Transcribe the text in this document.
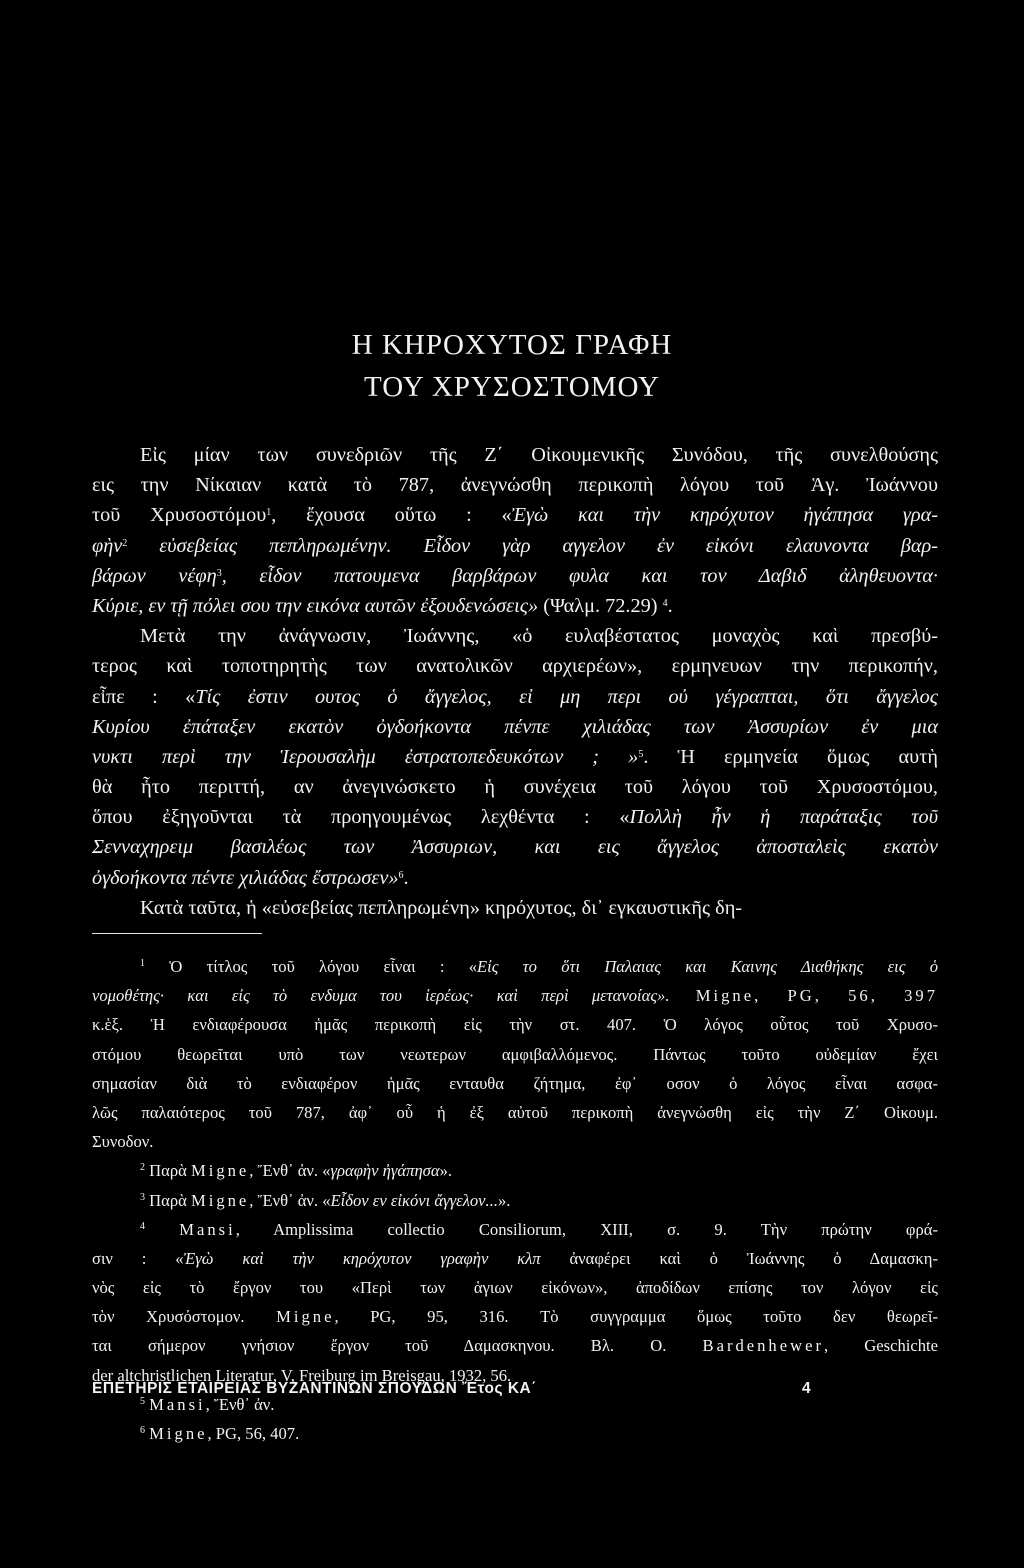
Η ΚΗΡΟΧΥΤΟΣ ΓΡΑΦΗ
ΤΟΥ ΧΡΥΣΟΣΤΟΜΟΥ
Εἰς μίαν των συνεδριῶν τῆς Ζ΄ Οἰκουμενικῆς Συνόδου, τῆς συνελθούσης
εις την Νίκαιαν κατὰ τὸ 787, ἀνεγνώσθη περικοπὴ λόγου τοῦ Ἁγ. Ἰωάννου
τοῦ Χρυσοστόμου$^1$, ἔχουσα οὕτω : «Ἐγὼ και τὴν κηρόχυτον ἠγάπησα γρα-
φὴν$^2$ εὐσεβείας πεπληρωμένην. Εἶδον γὰρ αγγελον ἐν εἰκόνι ελαυνοντα βαρ-
βάρων νέφη$^3$, εἶδον πατουμενα βαρβάρων φυλα και τον Δαβιδ ἀληθευοντα·
Κύριε, εν τῇ πόλει σου την εικόνα αυτῶν ἐξουδενώσεις» (Ψαλμ. 72.29) $^4$.
Μετὰ την ἀνάγνωσιν, Ἰωάννης, «ὁ ευλαβέστατος μοναχὸς καὶ πρεσβύ-
τερος καὶ τοποτηρητὴς των ανατολικῶν αρχιερέων», ερμηνευων την περικοπήν,
εἶπε : «Τίς ἐστιν ουτος ὁ ἄγγελος, εἰ μη περι οὐ γέγραπται, ὅτι ἄγγελος
Κυρίου ἐπάταξεν εκατὸν ὀγδοήκοντα πένπε χιλιάδας των Ἀσσυρίων ἐν μια
νυκτι περὶ την Ἱερουσαλὴμ ἐστρατοπεδευκότων ; »$^5$. Ἡ ερμηνεία ὅμως αυτὴ
θὰ ἦτο περιττή, αν ἀνεγινώσκετο ἡ συνέχεια τοῦ λόγου τοῦ Χρυσοστόμου,
ὅπου ἐξηγοῦνται τὰ προηγουμένως λεχθέντα : «Πολλὴ ἦν ἡ παράταξις τοῦ
Σενναχηρειμ βασιλέως των Ἀσσυριων, και εις ἄγγελος ἀποσταλεὶς εκατὸν
ὀγδοήκοντα πέντε χιλιάδας ἔστρωσεν»$^6$.
Κατὰ ταῦτα, ἡ «εὐσεβείας πεπληρωμένη» κηρόχυτος, δι᾿ εγκαυστικῆς δη-
$^1$ Ὁ τίτλος τοῦ λόγου εἶναι : «Εἰς το ὅτι Παλαιας και Καινης Διαθήκης εις ὁ
νομοθέτης· και εἰς τὸ ενδυμα του ἱερέως· καὶ περὶ μετανοίας». Migne, PG, 56, 397
κ.ἑξ. Ἡ ενδιαφέρουσα ἡμᾶς περικοπὴ εἰς τὴν στ. 407. Ὁ λόγος οὗτος τοῦ Χρυσο-
στόμου θεωρεῖται υπὸ των νεωτερων αμφιβαλλόμενος. Πάντως τοῦτο οὐδεμίαν ἔχει
σημασίαν διὰ τὸ ενδιαφέρον ἡμᾶς ενταυθα ζήτημα, ἐφ᾿ οσον ὁ λόγος εἶναι ασφα-
λῶς παλαιότερος τοῦ 787, ἀφ᾿ οὗ ἡ ἐξ αὐτοῦ περικοπὴ ἀνεγνώσθη εἰς τὴν Ζ΄ Οἰκουμ.
Συνοδον.
$^2$ Παρὰ Migne, Ἔνθ᾿ ἀν. «γραφὴν ἠγάπησα».
$^3$ Παρὰ Migne, Ἔνθ᾿ ἀν. «Εἶδον εν εἰκόνι ἄγγελον...».
$^4$ Mansi, Amplissima collectio Consiliorum, XIII, σ. 9. Τὴν πρώτην φρά-
σιν : «Ἐγὼ καὶ τὴν κηρόχυτον γραφὴν κλπ ἀναφέρει καὶ ὁ Ἰωάννης ὁ Δαμασκη-
νὸς εἰς τὸ ἔργον του «Περὶ των ἁγιων εἰκόνων», ἀποδίδων επίσης τον λόγον εἰς
τὸν Χρυσόστομον. Migne, PG, 95, 316. Τὸ συγγραμμα ὅμως τοῦτο δεν θεωρεῖ-
ται σήμερον γνήσιον ἔργον τοῦ Δαμασκηνου. Βλ. Ο. Bardenhewer, Geschichte
der altchristlichen Literatur, V, Freiburg im Breisgau, 1932, 56.
$^5$ Mansi, Ἔνθ᾿ ἀν.
$^6$ Migne, PG, 56, 407.
ΕΠΕΤΗΡΙΣ ΕΤΑΙΡΕΙΑΣ ΒΥΖΑΝΤΙΝΩΝ ΣΠΟΥΔΩΝ Ἔτος ΚΑ΄	4
